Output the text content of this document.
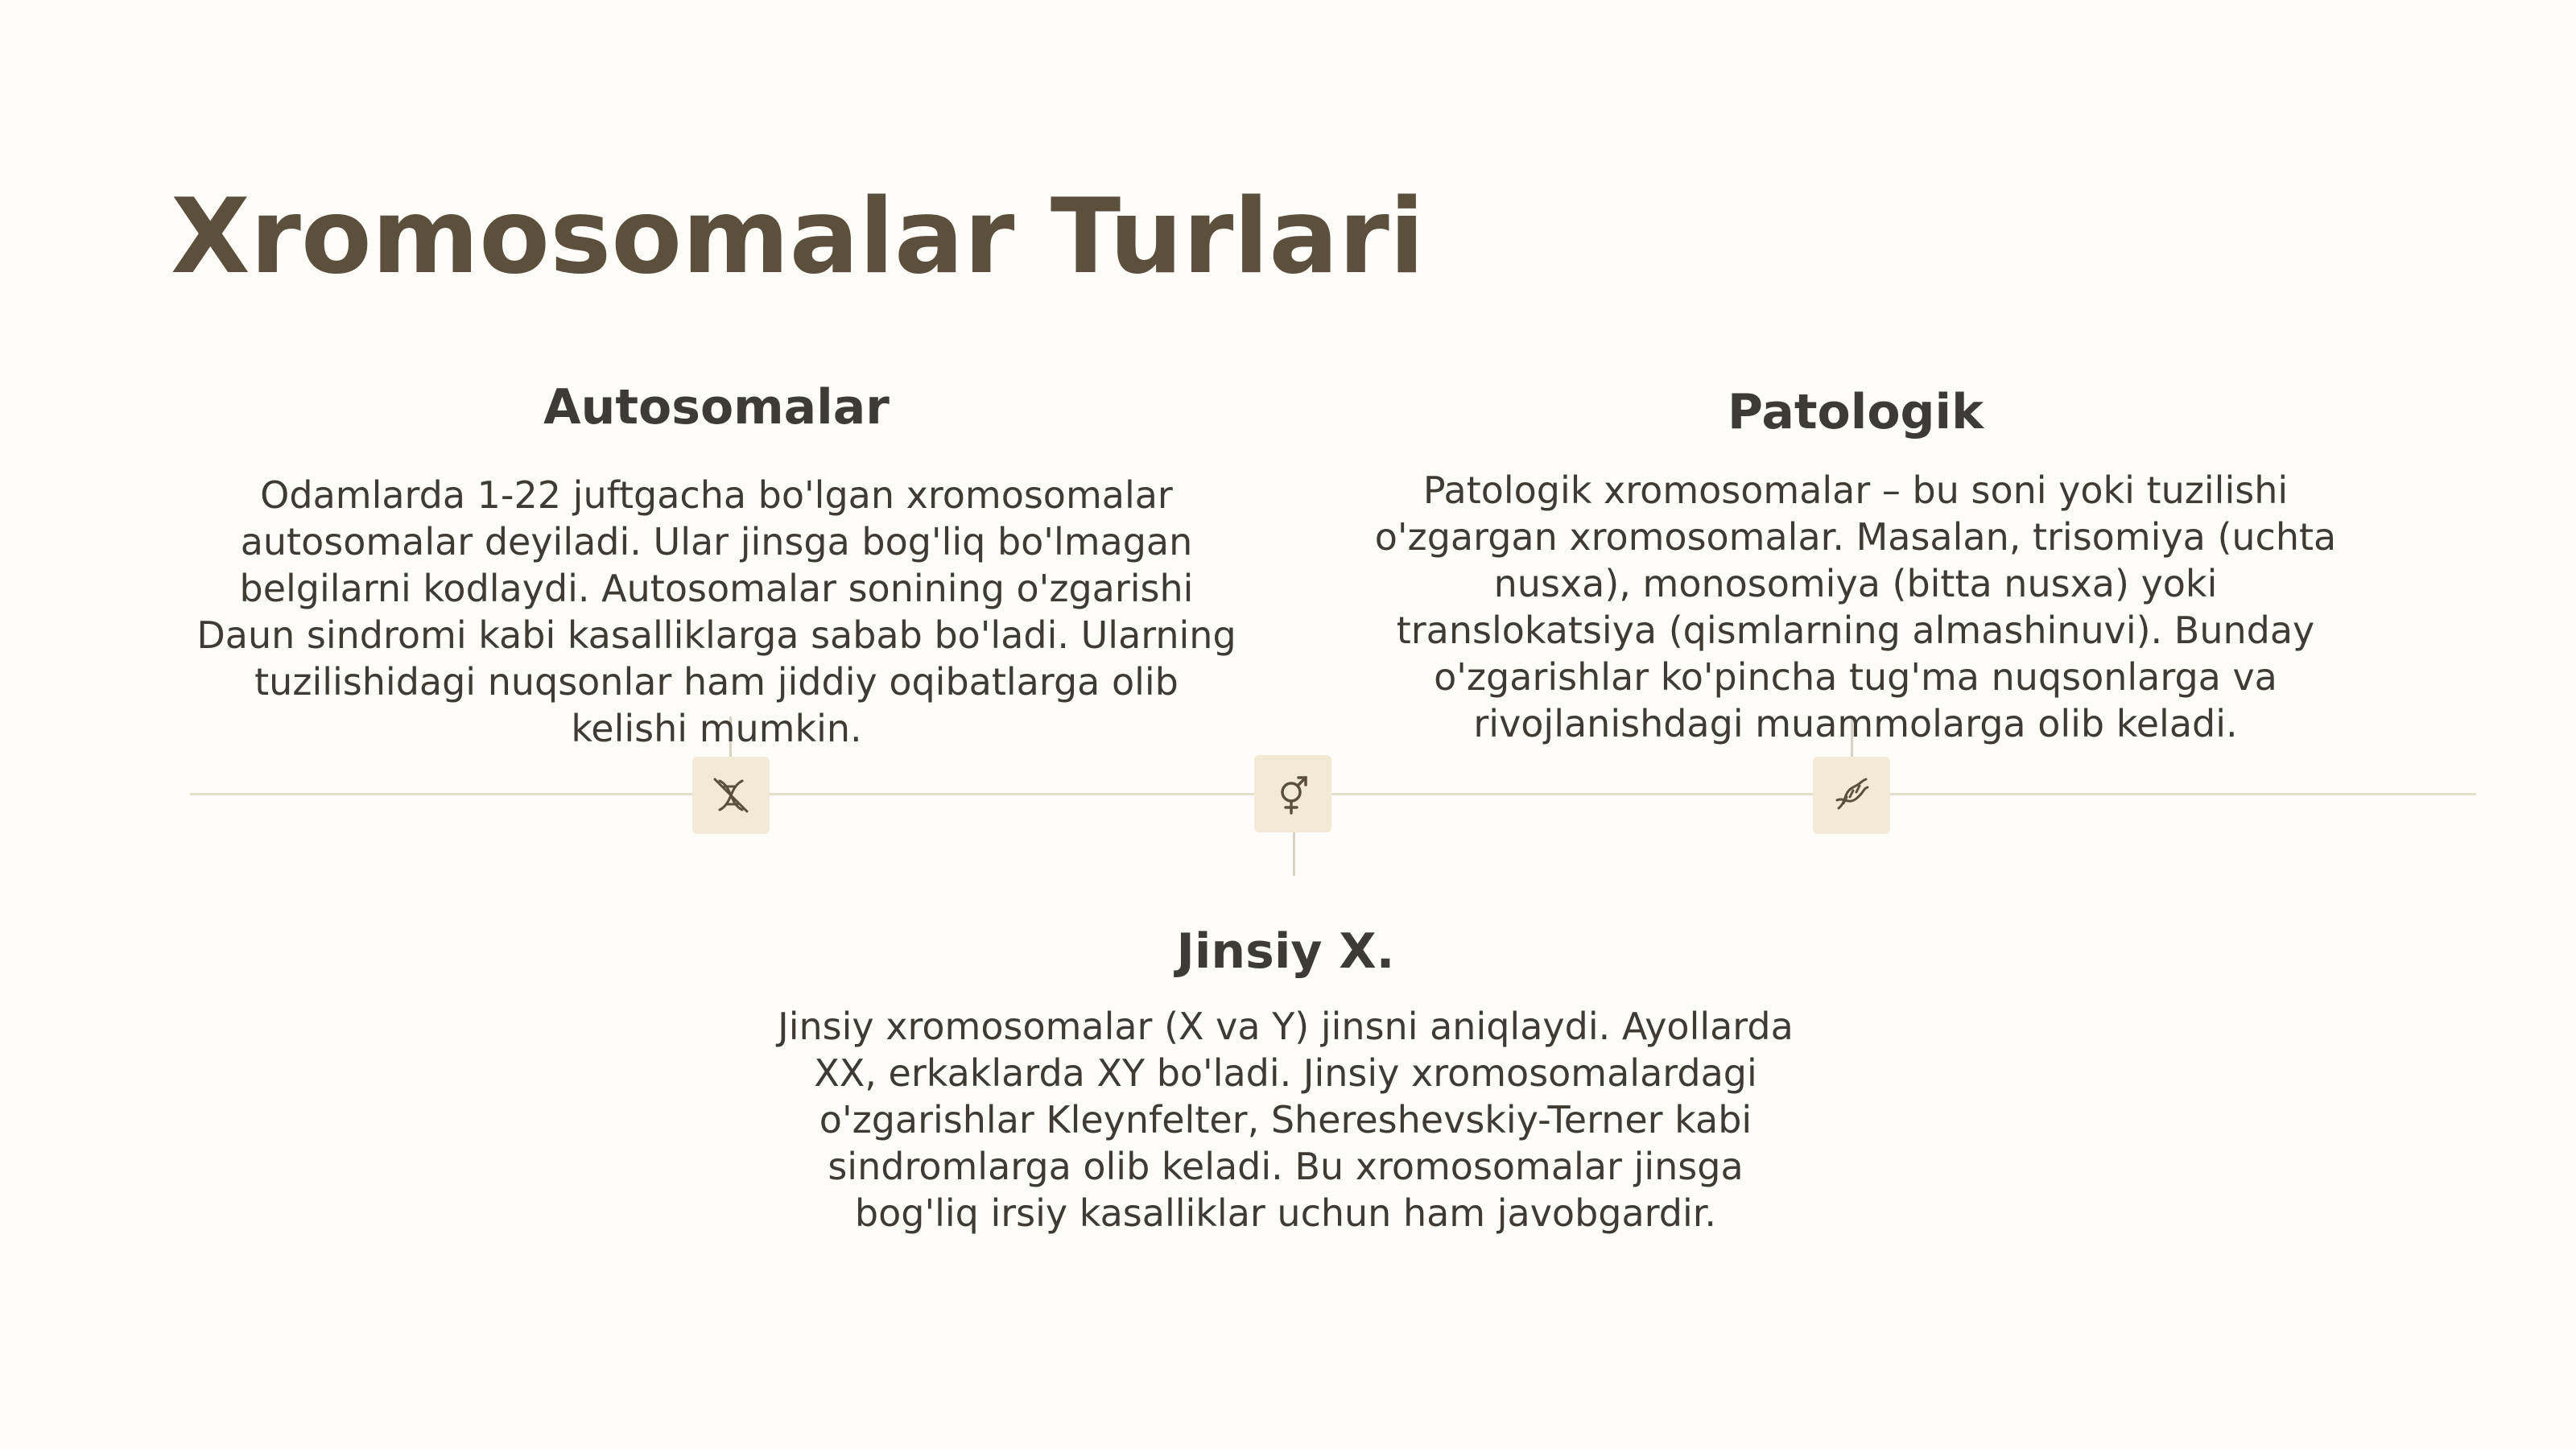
Xromosomalar Turlari
Autosomalar

Odamlarda 1-22 juftgacha bo'lgan xromosomalar autosomalar deyiladi. Ular jinsga bog'liq bo'lmagan belgilarni kodlaydi. Autosomalar sonining o'zgarishi Daun sindromi kabi kasalliklarga sabab bo'ladi. Ularning tuzilishidagi nuqsonlar ham jiddiy oqibatlarga olib kelishi mumkin.

Patologik

Patologik xromosomalar – bu soni yoki tuzilishi o'zgargan xromosomalar. Masalan, trisomiya (uchta nusxa), monosomiya (bitta nusxa) yoki translokatsiya (qismlarning almashinuvi). Bunday o'zgarishlar ko'pincha tug'ma nuqsonlarga va rivojlanishdagi muammolarga olib keladi.

Jinsiy X.

Jinsiy xromosomalar (X va Y) jinsni aniqlaydi. Ayollarda XX, erkaklarda XY bo'ladi. Jinsiy xromosomalardagi o'zgarishlar Kleynfelter, Shereshevskiy-Terner kabi sindromlarga olib keladi. Bu xromosomalar jinsga bog'liq irsiy kasalliklar uchun ham javobgardir.
